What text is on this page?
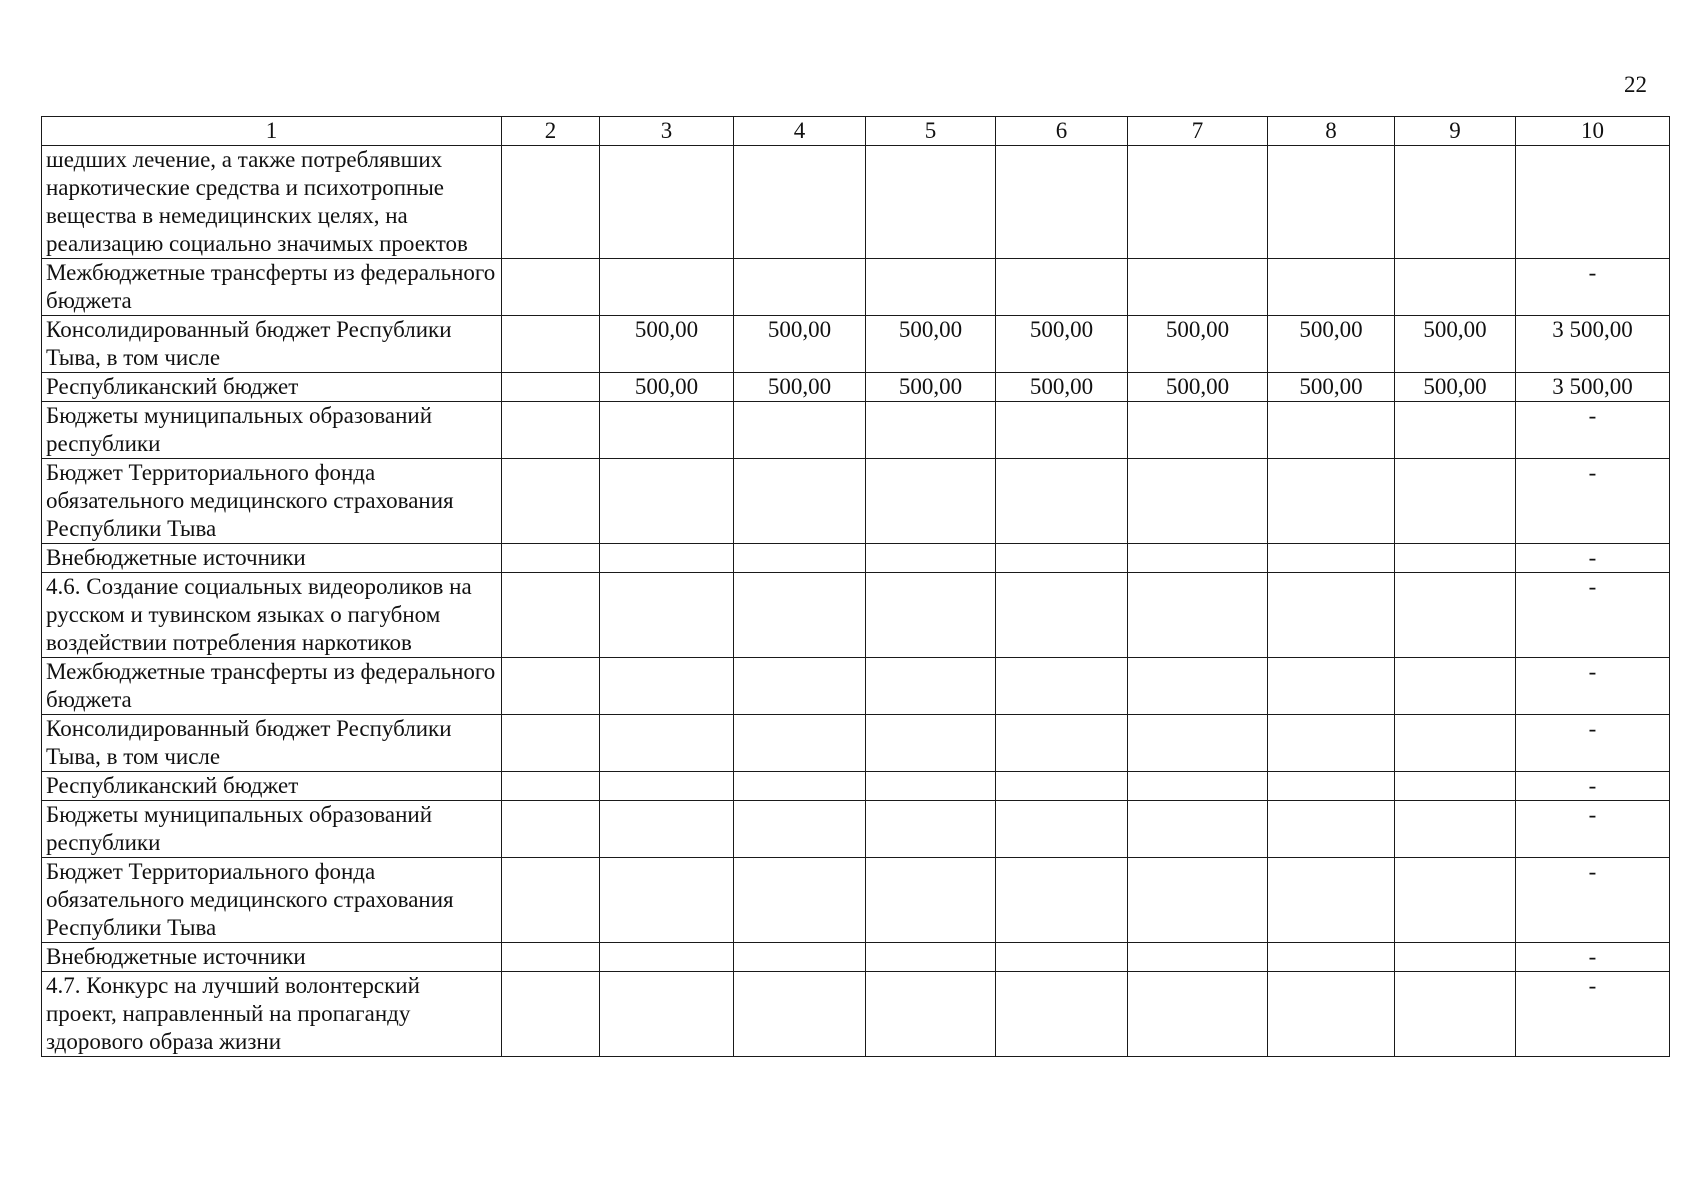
22
1	2	3	4	5	6	7	8	9	10
шедших лечение, а также потреблявших наркотические средства и психотропные вещества в немедицинских целях, на реализацию социально значимых проектов									
Межбюджетные трансферты из федерального бюджета									-
Консолидированный бюджет Республики Тыва, в том числе		500,00	500,00	500,00	500,00	500,00	500,00	500,00	3 500,00
Республиканский бюджет		500,00	500,00	500,00	500,00	500,00	500,00	500,00	3 500,00
Бюджеты муниципальных образований республики									-
Бюджет Территориального фонда обязательного медицинского страхования Республики Тыва									-
Внебюджетные источники									-
4.6. Создание социальных видеороликов на русском и тувинском языках о пагубном воздействии потребления наркотиков									-
Межбюджетные трансферты из федерального бюджета									-
Консолидированный бюджет Республики Тыва, в том числе									-
Республиканский бюджет									-
Бюджеты муниципальных образований республики									-
Бюджет Территориального фонда обязательного медицинского страхования Республики Тыва									-
Внебюджетные источники									-
4.7. Конкурс на лучший волонтерский проект, направленный на пропаганду здорового образа жизни									-
